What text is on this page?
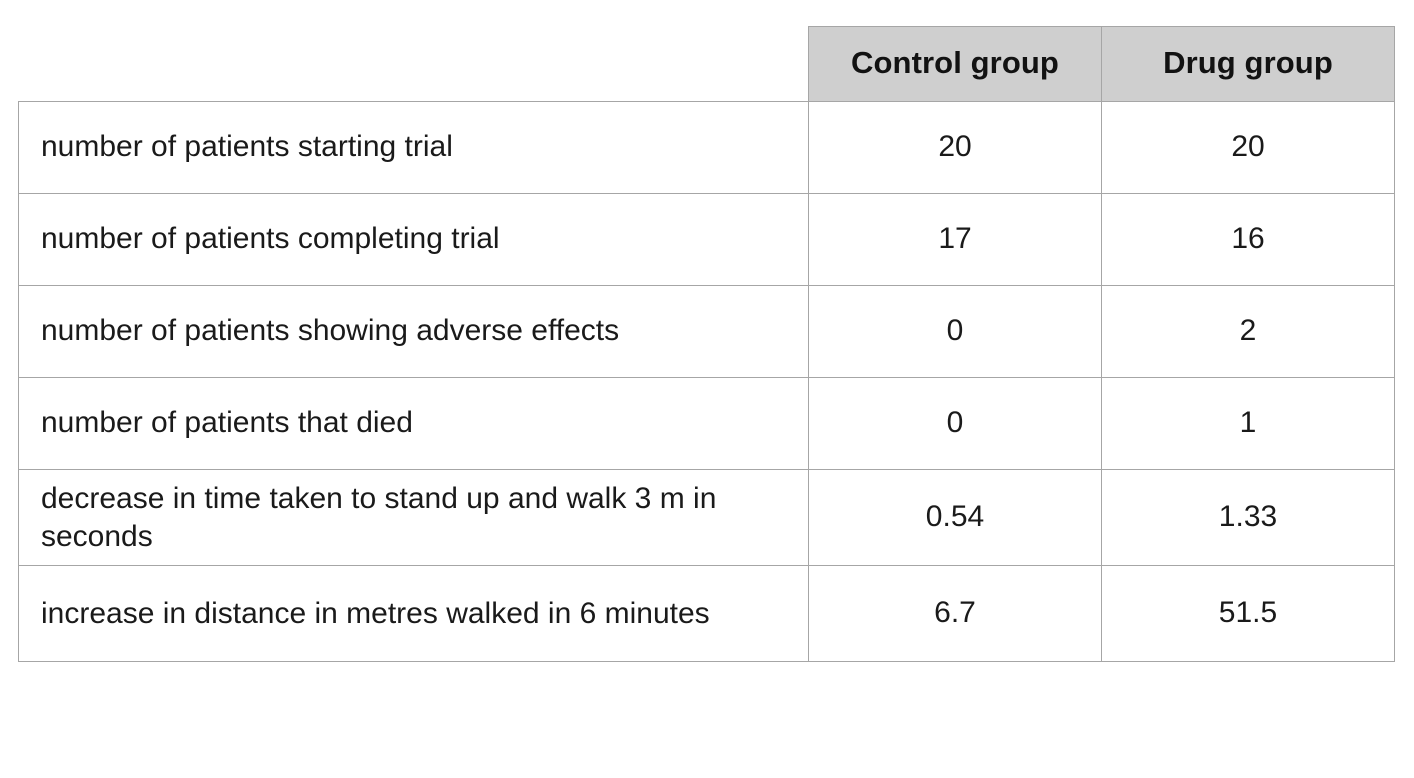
	Control group	Drug group
number of patients starting trial	20	20
number of patients completing trial	17	16
number of patients showing adverse effects	0	2
number of patients that died	0	1
decrease in time taken to stand up and walk 3 m in seconds	0.54	1.33
increase in distance in metres walked in 6 minutes	6.7	51.5
